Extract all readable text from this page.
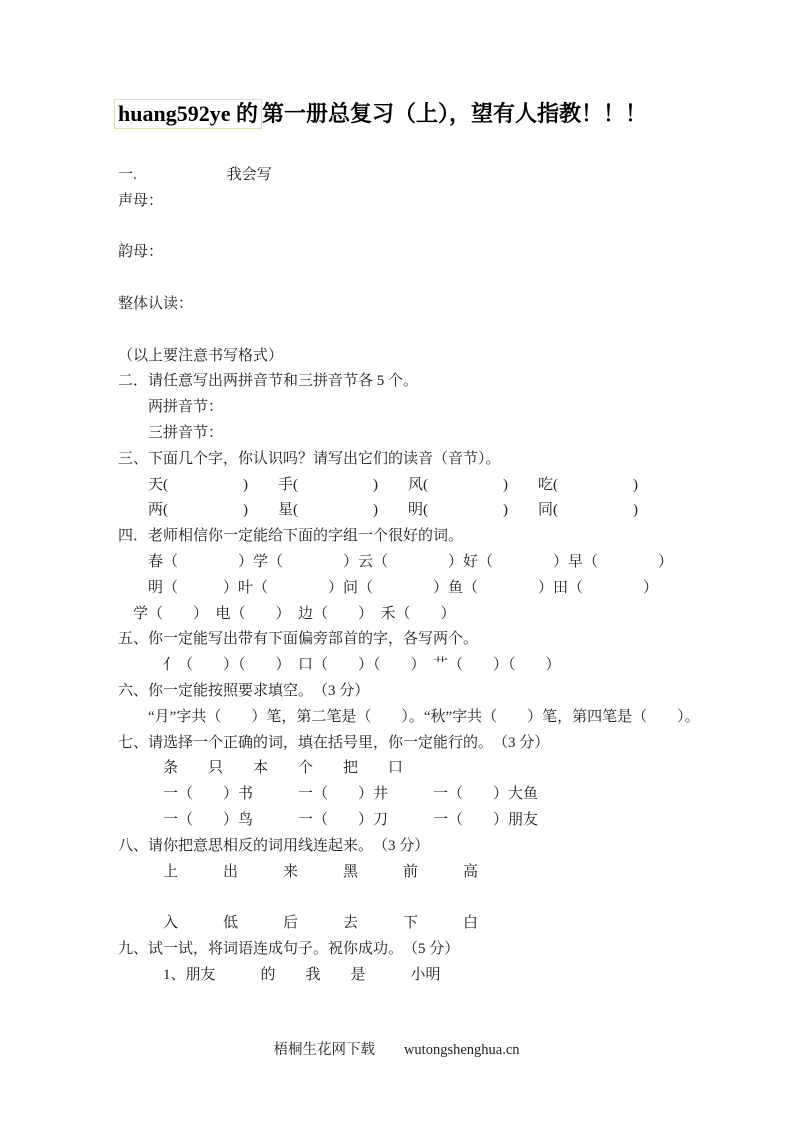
huang592ye 的 第一册总复习（上），望有人指教！！！
一.　　　　　　我会写
声母：
韵母：
整体认读：
（以上要注意书写格式）
二．请任意写出两拼音节和三拼音节各 5 个。
　　两拼音节：
　　三拼音节：
三、下面几个字，你认识吗？请写出它们的读音（音节）。
　　天(　　　　　)　　手(　　　　　)　　风(　　　　　)　　吃(　　　　　)
　　两(　　　　　)　　星(　　　　　)　　明(　　　　　)　　同(　　　　　)
四．老师相信你一定能给下面的字组一个很好的词。
　　春（　　　　）学（　　　　）云（　　　　）好（　　　　）早（　　　　）
　　明（　　　）叶（　　　　）问（　　　　）鱼（　　　　）田（　　　　）
　学（　　）　电（　　）　边（　　）　禾（　　）
五、你一定能写出带有下面偏旁部首的字，各写两个。
　　　亻（　　）（　　）　口（　　）（　　）　艹（　　）（　　）
六、你一定能按照要求填空。　（3 分）
　　“月”字共（　　）笔，第二笔是（　　）。“秋”字共（　　）笔，第四笔是（　　）。
七、请选择一个正确的词，填在括号里，你一定能行的。　（3 分）
　　　条　　只　　本　　个　　把　　口
　　　一（　　）书　　　一（　　）井　　　一（　　）大鱼
　　　一（　　）鸟　　　一（　　）刀　　　一（　　）朋友
八、请你把意思相反的词用线连起来。　（3 分）
　　　上　　　出　　　来　　　黑　　　前　　　高
　　　入　　　低　　　后　　　去　　　下　　　白
九、试一试，将词语连成句子。祝你成功。　（5 分）
　　　1、朋友　　　的　　我　　是　　　小明
梧桐生花网下载　　 wutongshenghua.cn
